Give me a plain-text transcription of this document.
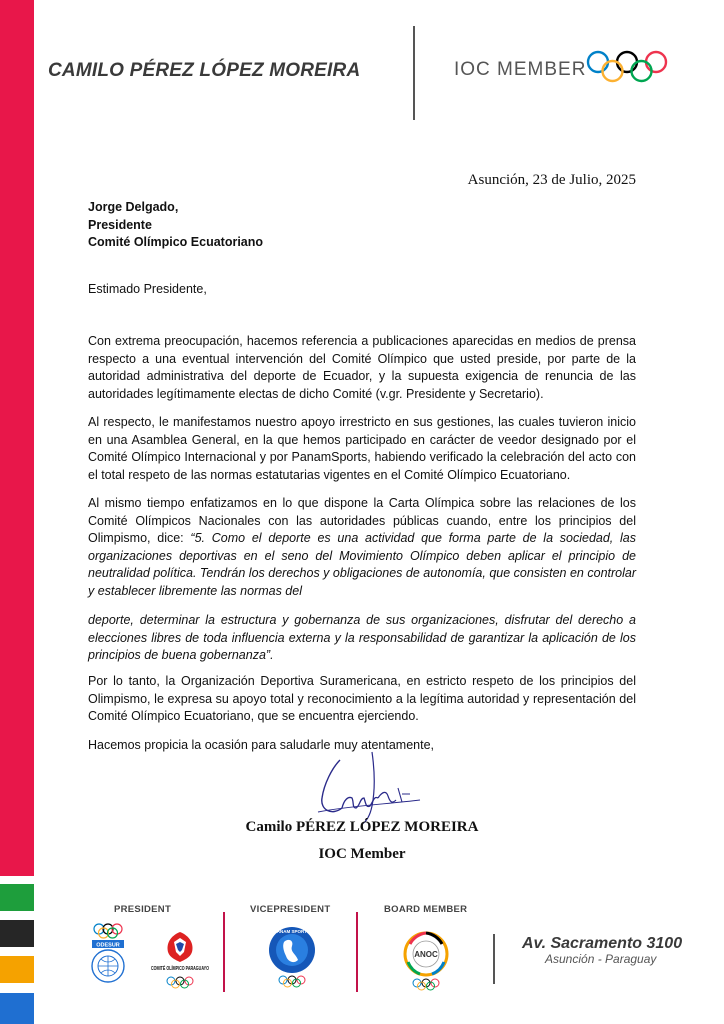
CAMILO PÉREZ LÓPEZ MOREIRA	IOC MEMBER
Asunción, 23 de Julio, 2025
Jorge Delgado,
Presidente
Comité Olímpico Ecuatoriano
Estimado Presidente,

Con extrema preocupación, hacemos referencia a publicaciones aparecidas en medios de prensa respecto a una eventual intervención del Comité Olímpico que usted preside, por parte de la autoridad administrativa del deporte de Ecuador, y la supuesta exigencia de renuncia de las autoridades legítimamente electas de dicho Comité (v.gr. Presidente y Secretario).

Al respecto, le manifestamos nuestro apoyo irrestricto en sus gestiones, las cuales tuvieron inicio en una Asamblea General, en la que hemos participado en carácter de veedor designado por el Comité Olímpico Internacional y por PanamSports, habiendo verificado la celebración del acto con el total respeto de las normas estatutarias vigentes en el Comité Olímpico Ecuatoriano.

Al mismo tiempo enfatizamos en lo que dispone la Carta Olímpica sobre las relaciones de los Comité Olímpicos Nacionales con las autoridades públicas cuando, entre los principios del Olimpismo, dice: “5. Como el deporte es una actividad que forma parte de la sociedad, las organizaciones deportivas en el seno del Movimiento Olímpico deben aplicar el principio de neutralidad política. Tendrán los derechos y obligaciones de autonomía, que consisten en controlar y establecer libremente las normas del

deporte, determinar la estructura y gobernanza de sus organizaciones, disfrutar del derecho a elecciones libres de toda influencia externa y la responsabilidad de garantizar la aplicación de los principios de buena gobernanza”.

Por lo tanto, la Organización Deportiva Suramericana, en estricto respeto de los principios del Olimpismo, le expresa su apoyo total y reconocimiento a la legítima autoridad y representación del Comité Olímpico Ecuatoriano, que se encuentra ejerciendo.

Hacemos propicia la ocasión para saludarle muy atentamente,

Camilo PÉREZ LÓPEZ MOREIRA
IOC Member
PRESIDENT	VICEPRESIDENT	BOARD MEMBER
ODESUR
COMITÉ OLÍMPICO PARAGUAYO
PANAM SPORTS
ANOC
Av. Sacramento 3100
Asunción - Paraguay
